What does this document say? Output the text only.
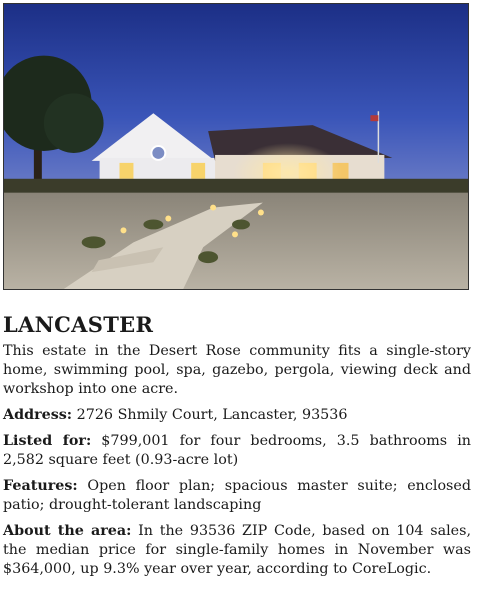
LANCASTER

This estate in the Desert Rose community fits a single-story home, swimming pool, spa, gazebo, pergola, viewing deck and workshop into one acre.

Address: 2726 Shmily Court, Lancaster, 93536

Listed for: $799,001 for four bedrooms, 3.5 bathrooms in 2,582 square feet (0.93-acre lot)

Features: Open floor plan; spacious master suite; enclosed patio; drought-tolerant landscaping

About the area: In the 93536 ZIP Code, based on 104 sales, the median price for single-family homes in November was $364,000, up 9.3% year over year, according to CoreLogic.
